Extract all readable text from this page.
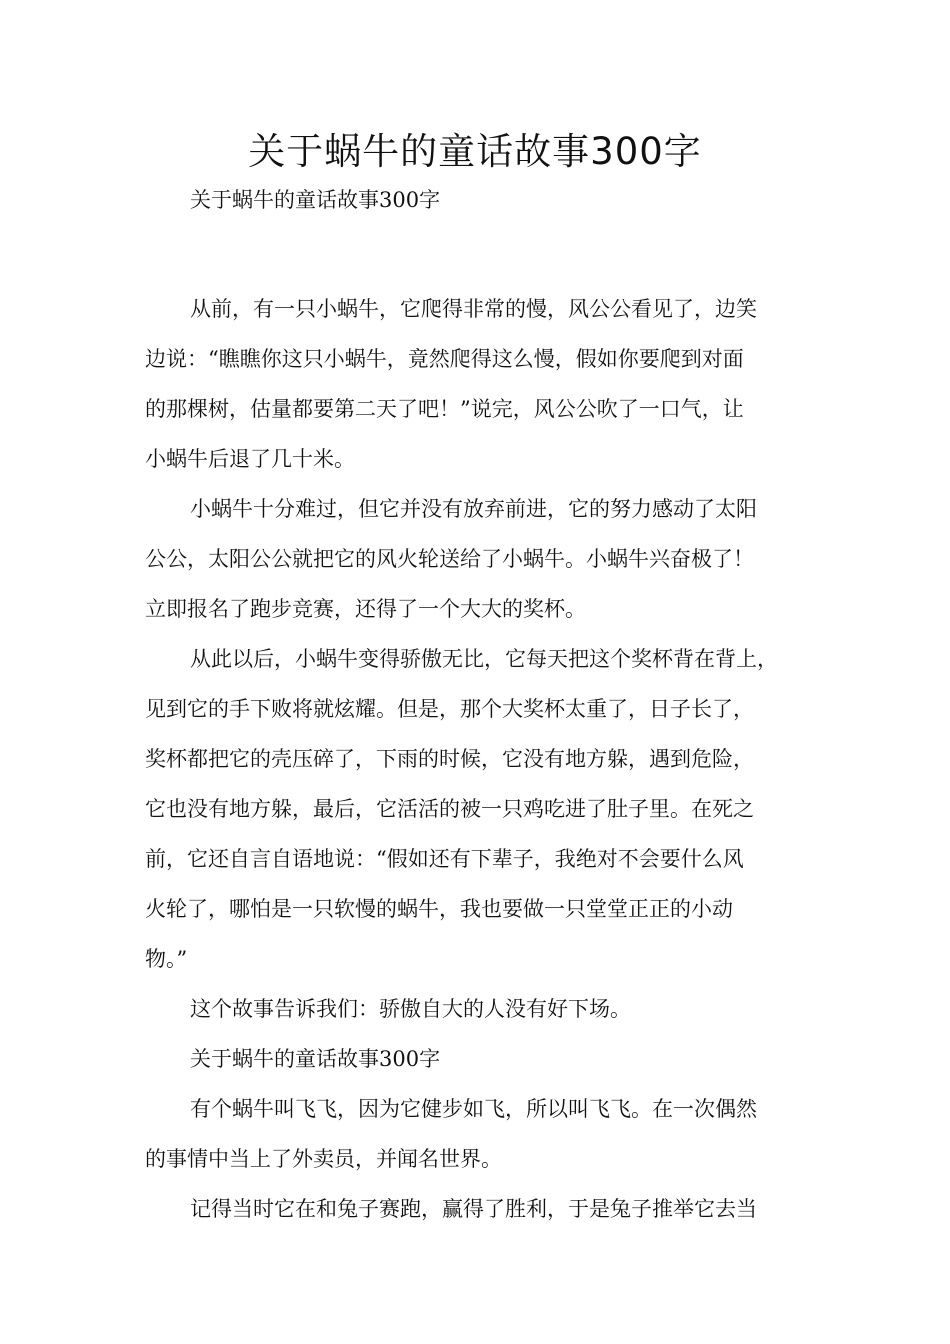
关于蜗牛的童话故事300字

关于蜗牛的童话故事300字

从前，有一只小蜗牛，它爬得非常的慢，风公公看见了，边笑
边说：“瞧瞧你这只小蜗牛，竟然爬得这么慢，假如你要爬到对面
的那棵树，估量都要第二天了吧！”说完，风公公吹了一口气，让
小蜗牛后退了几十米。
小蜗牛十分难过，但它并没有放弃前进，它的努力感动了太阳
公公，太阳公公就把它的风火轮送给了小蜗牛。小蜗牛兴奋极了！
立即报名了跑步竞赛，还得了一个大大的奖杯。
从此以后，小蜗牛变得骄傲无比，它每天把这个奖杯背在背上，
见到它的手下败将就炫耀。但是，那个大奖杯太重了，日子长了，
奖杯都把它的壳压碎了，下雨的时候，它没有地方躲，遇到危险，
它也没有地方躲，最后，它活活的被一只鸡吃进了肚子里。在死之
前，它还自言自语地说：“假如还有下辈子，我绝对不会要什么风
火轮了，哪怕是一只软慢的蜗牛，我也要做一只堂堂正正的小动
物。”
这个故事告诉我们：骄傲自大的人没有好下场。
关于蜗牛的童话故事300字
有个蜗牛叫飞飞，因为它健步如飞，所以叫飞飞。在一次偶然
的事情中当上了外卖员，并闻名世界。
记得当时它在和兔子赛跑，赢得了胜利，于是兔子推举它去当
